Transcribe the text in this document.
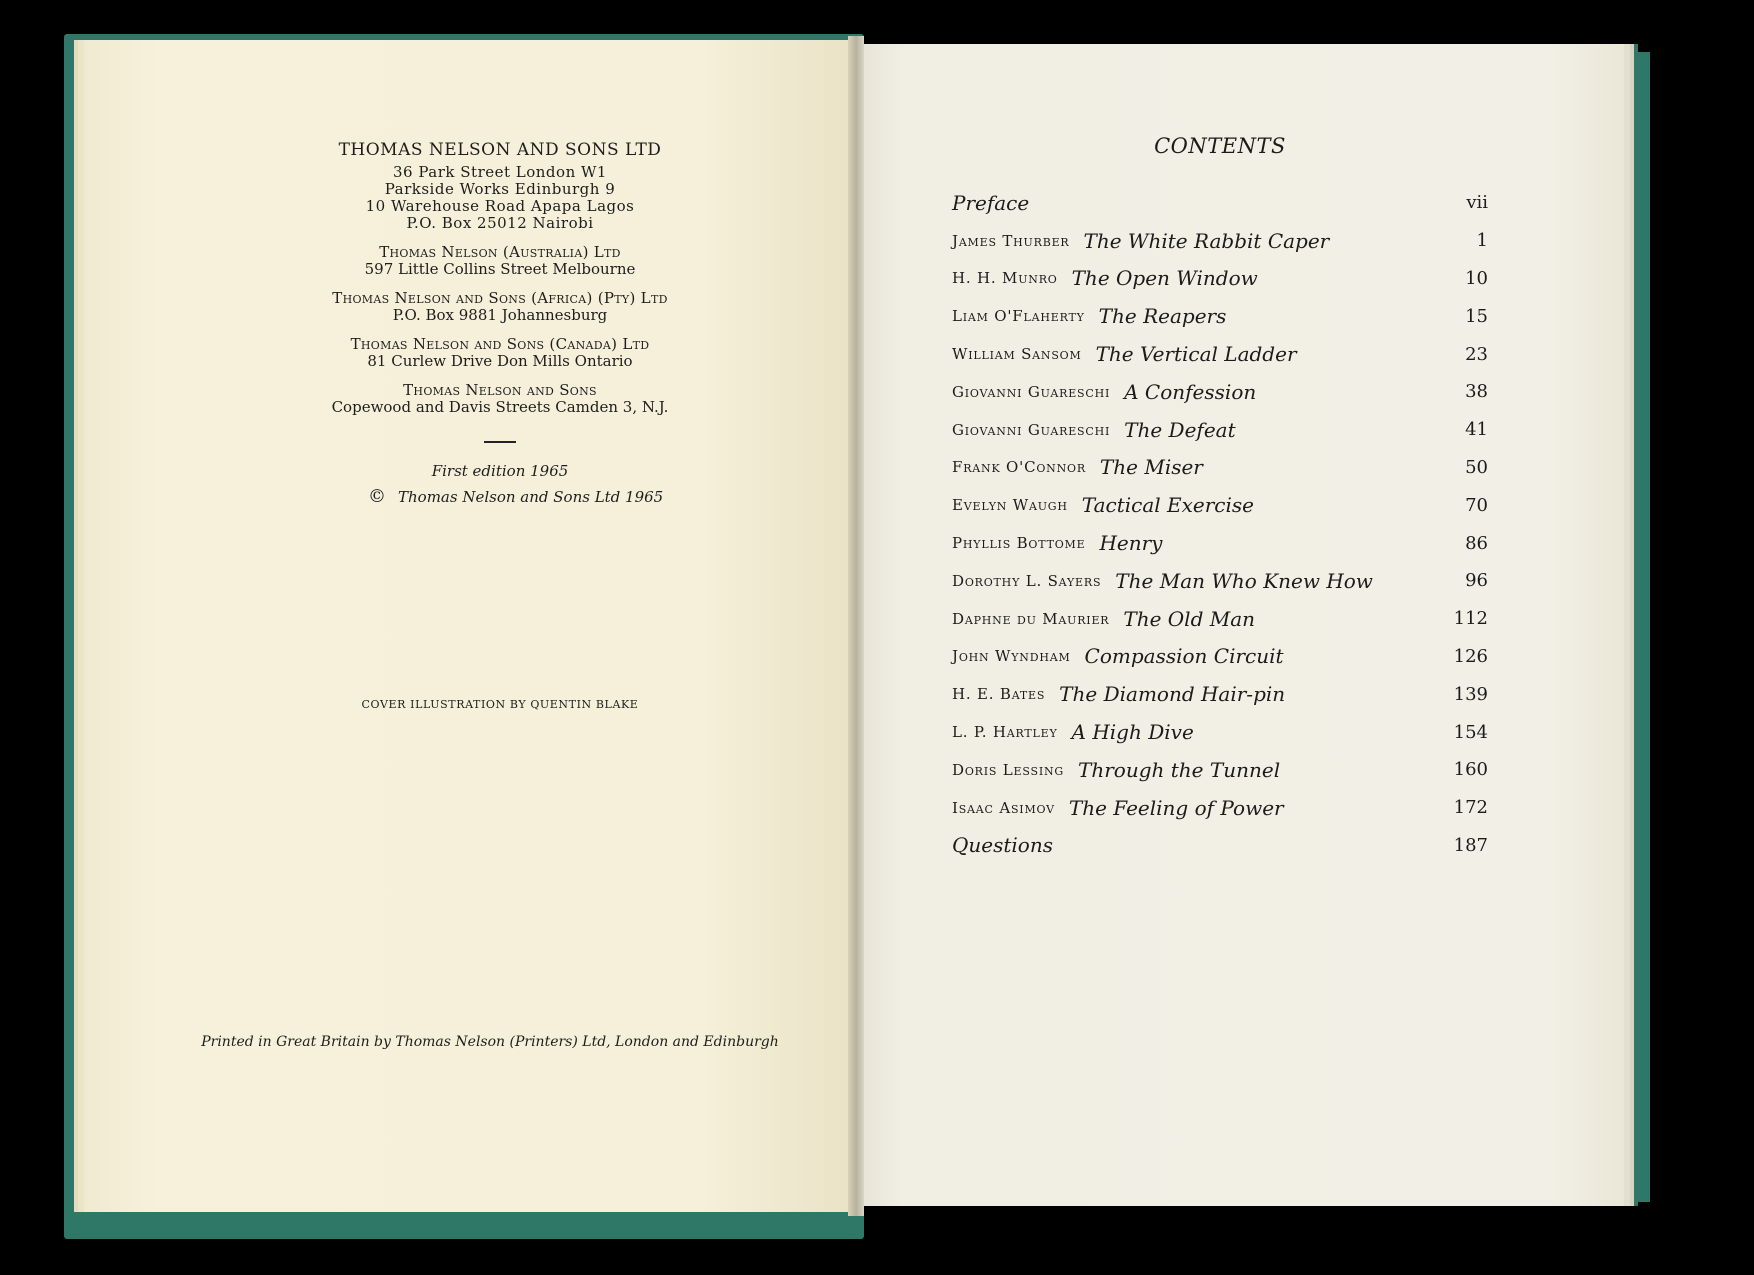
THOMAS NELSON AND SONS LTD
36 Park Street London W1
Parkside Works Edinburgh 9
10 Warehouse Road Apapa Lagos
P.O. Box 25012 Nairobi
Thomas Nelson (Australia) Ltd
597 Little Collins Street Melbourne
Thomas Nelson and Sons (Africa) (Pty) Ltd
P.O. Box 9881 Johannesburg
Thomas Nelson and Sons (Canada) Ltd
81 Curlew Drive Don Mills Ontario
Thomas Nelson and Sons
Copewood and Davis Streets Camden 3, N.J.
First edition 1965
© Thomas Nelson and Sons Ltd 1965
COVER ILLUSTRATION BY QUENTIN BLAKE
Printed in Great Britain by Thomas Nelson (Printers) Ltd, London and Edinburgh
CONTENTS
Preface	vii
James Thurber The White Rabbit Caper	1
H. H. Munro The Open Window	10
Liam O'Flaherty The Reapers	15
William Sansom The Vertical Ladder	23
Giovanni Guareschi A Confession	38
Giovanni Guareschi The Defeat	41
Frank O'Connor The Miser	50
Evelyn Waugh Tactical Exercise	70
Phyllis Bottome Henry	86
Dorothy L. Sayers The Man Who Knew How	96
Daphne du Maurier The Old Man	112
John Wyndham Compassion Circuit	126
H. E. Bates The Diamond Hair-pin	139
L. P. Hartley A High Dive	154
Doris Lessing Through the Tunnel	160
Isaac Asimov The Feeling of Power	172
Questions	187
